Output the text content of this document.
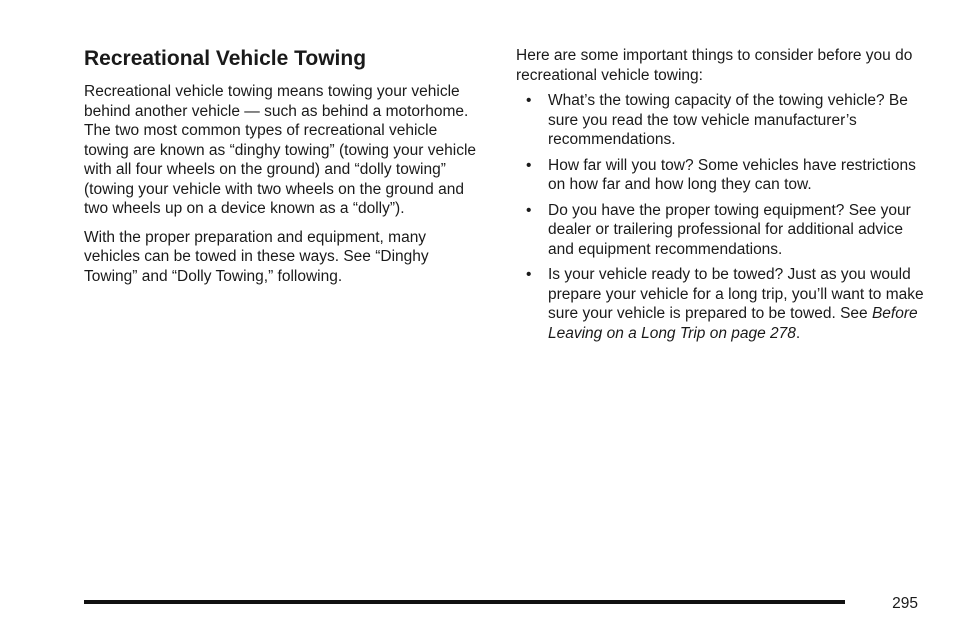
Recreational Vehicle Towing

Recreational vehicle towing means towing your vehicle behind another vehicle — such as behind a motorhome. The two most common types of recreational vehicle towing are known as “dinghy towing” (towing your vehicle with all four wheels on the ground) and “dolly towing” (towing your vehicle with two wheels on the ground and two wheels up on a device known as a “dolly”).

With the proper preparation and equipment, many vehicles can be towed in these ways. See “Dinghy Towing” and “Dolly Towing,” following.

Here are some important things to consider before you do recreational vehicle towing:

• What’s the towing capacity of the towing vehicle? Be sure you read the tow vehicle manufacturer’s recommendations.
• How far will you tow? Some vehicles have restrictions on how far and how long they can tow.
• Do you have the proper towing equipment? See your dealer or trailering professional for additional advice and equipment recommendations.
• Is your vehicle ready to be towed? Just as you would prepare your vehicle for a long trip, you’ll want to make sure your vehicle is prepared to be towed. See Before Leaving on a Long Trip on page 278.
295
